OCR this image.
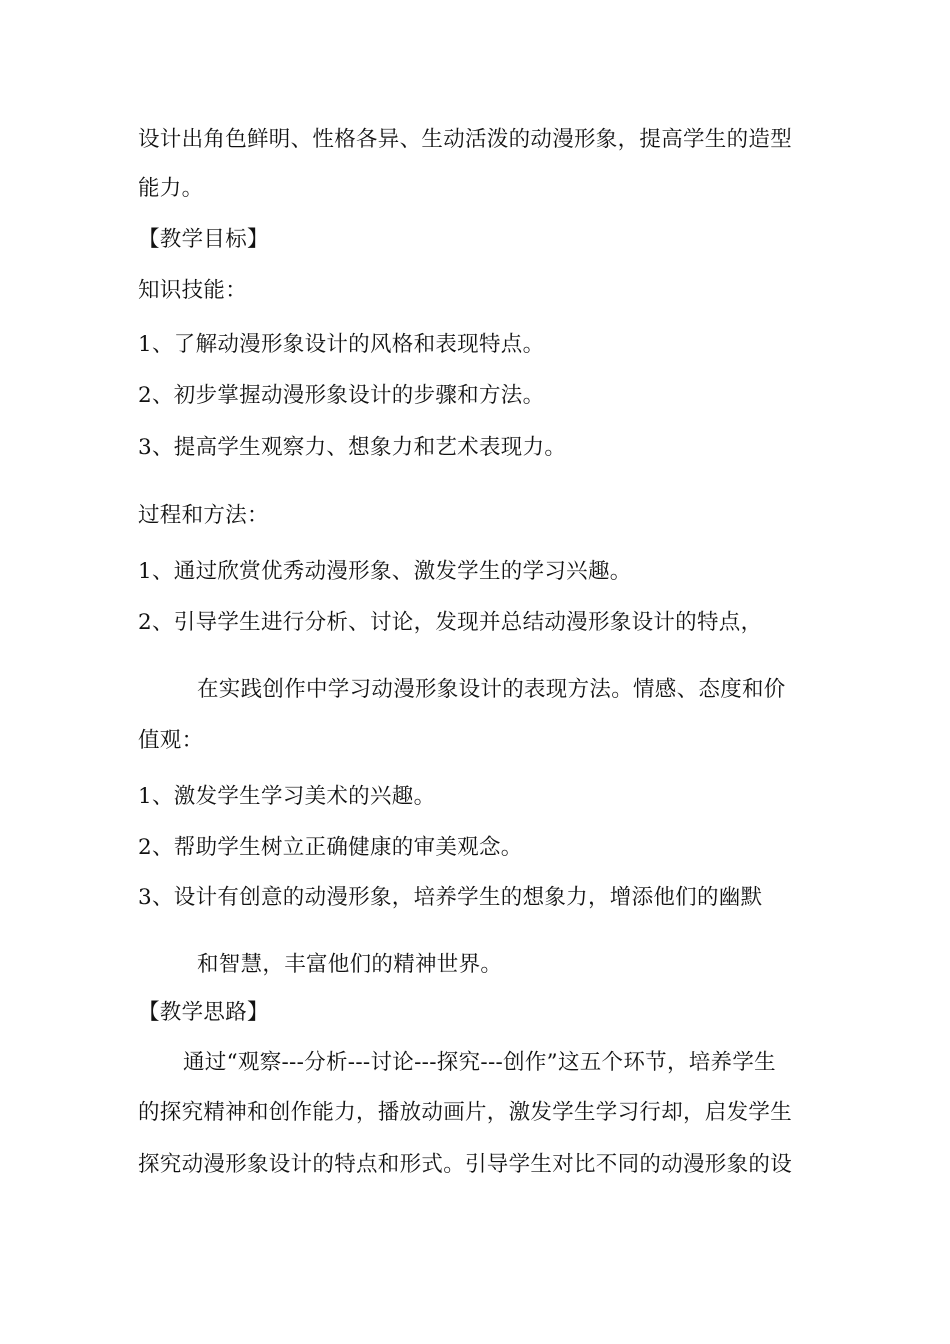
设计出角色鲜明、性格各异、生动活泼的动漫形象，提高学生的造型
能力。
【教学目标】
知识技能：
1、了解动漫形象设计的风格和表现特点。
2、初步掌握动漫形象设计的步骤和方法。
3、提高学生观察力、想象力和艺术表现力。
过程和方法：
1、通过欣赏优秀动漫形象、激发学生的学习兴趣。
2、引导学生进行分析、讨论，发现并总结动漫形象设计的特点，
在实践创作中学习动漫形象设计的表现方法。情感、态度和价
值观：
1、激发学生学习美术的兴趣。
2、帮助学生树立正确健康的审美观念。
3、设计有创意的动漫形象，培养学生的想象力，增添他们的幽默
和智慧，丰富他们的精神世界。
【教学思路】
通过“观察---分析---讨论---探究---创作”这五个环节，培养学生
的探究精神和创作能力，播放动画片，激发学生学习行却，启发学生
探究动漫形象设计的特点和形式。引导学生对比不同的动漫形象的设
